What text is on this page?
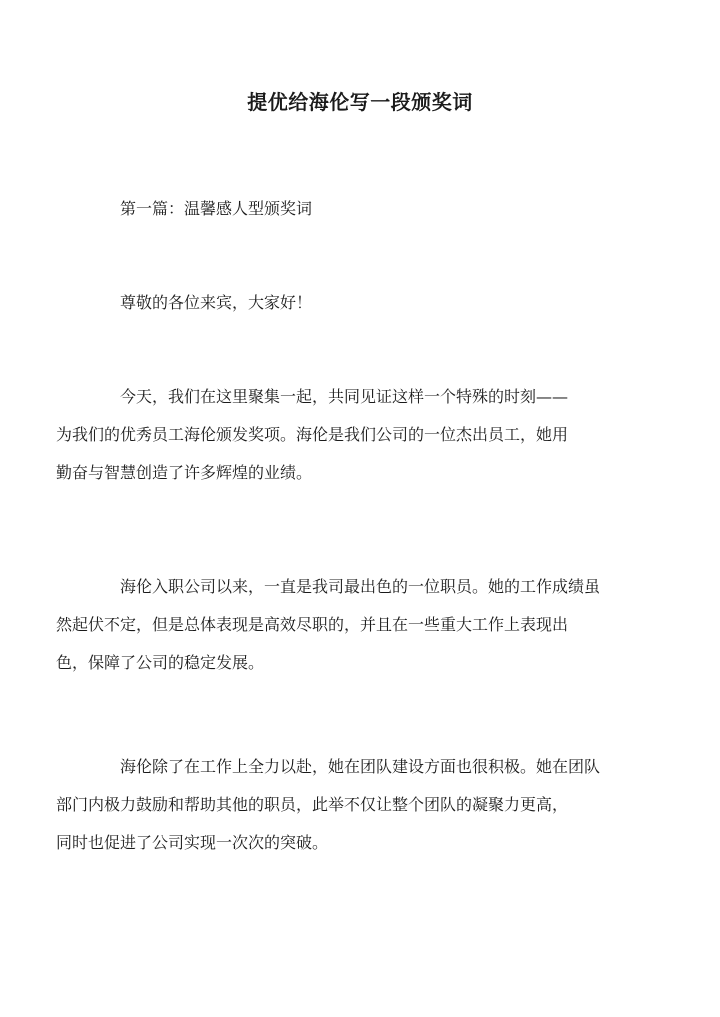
提优给海伦写一段颁奖词

第一篇：温馨感人型颁奖词

尊敬的各位来宾，大家好！

今天，我们在这里聚集一起，共同见证这样一个特殊的时刻——
为我们的优秀员工海伦颁发奖项。海伦是我们公司的一位杰出员工，她用
勤奋与智慧创造了许多辉煌的业绩。

海伦入职公司以来，一直是我司最出色的一位职员。她的工作成绩虽
然起伏不定，但是总体表现是高效尽职的，并且在一些重大工作上表现出
色，保障了公司的稳定发展。

海伦除了在工作上全力以赴，她在团队建设方面也很积极。她在团队
部门内极力鼓励和帮助其他的职员，此举不仅让整个团队的凝聚力更高，
同时也促进了公司实现一次次的突破。
